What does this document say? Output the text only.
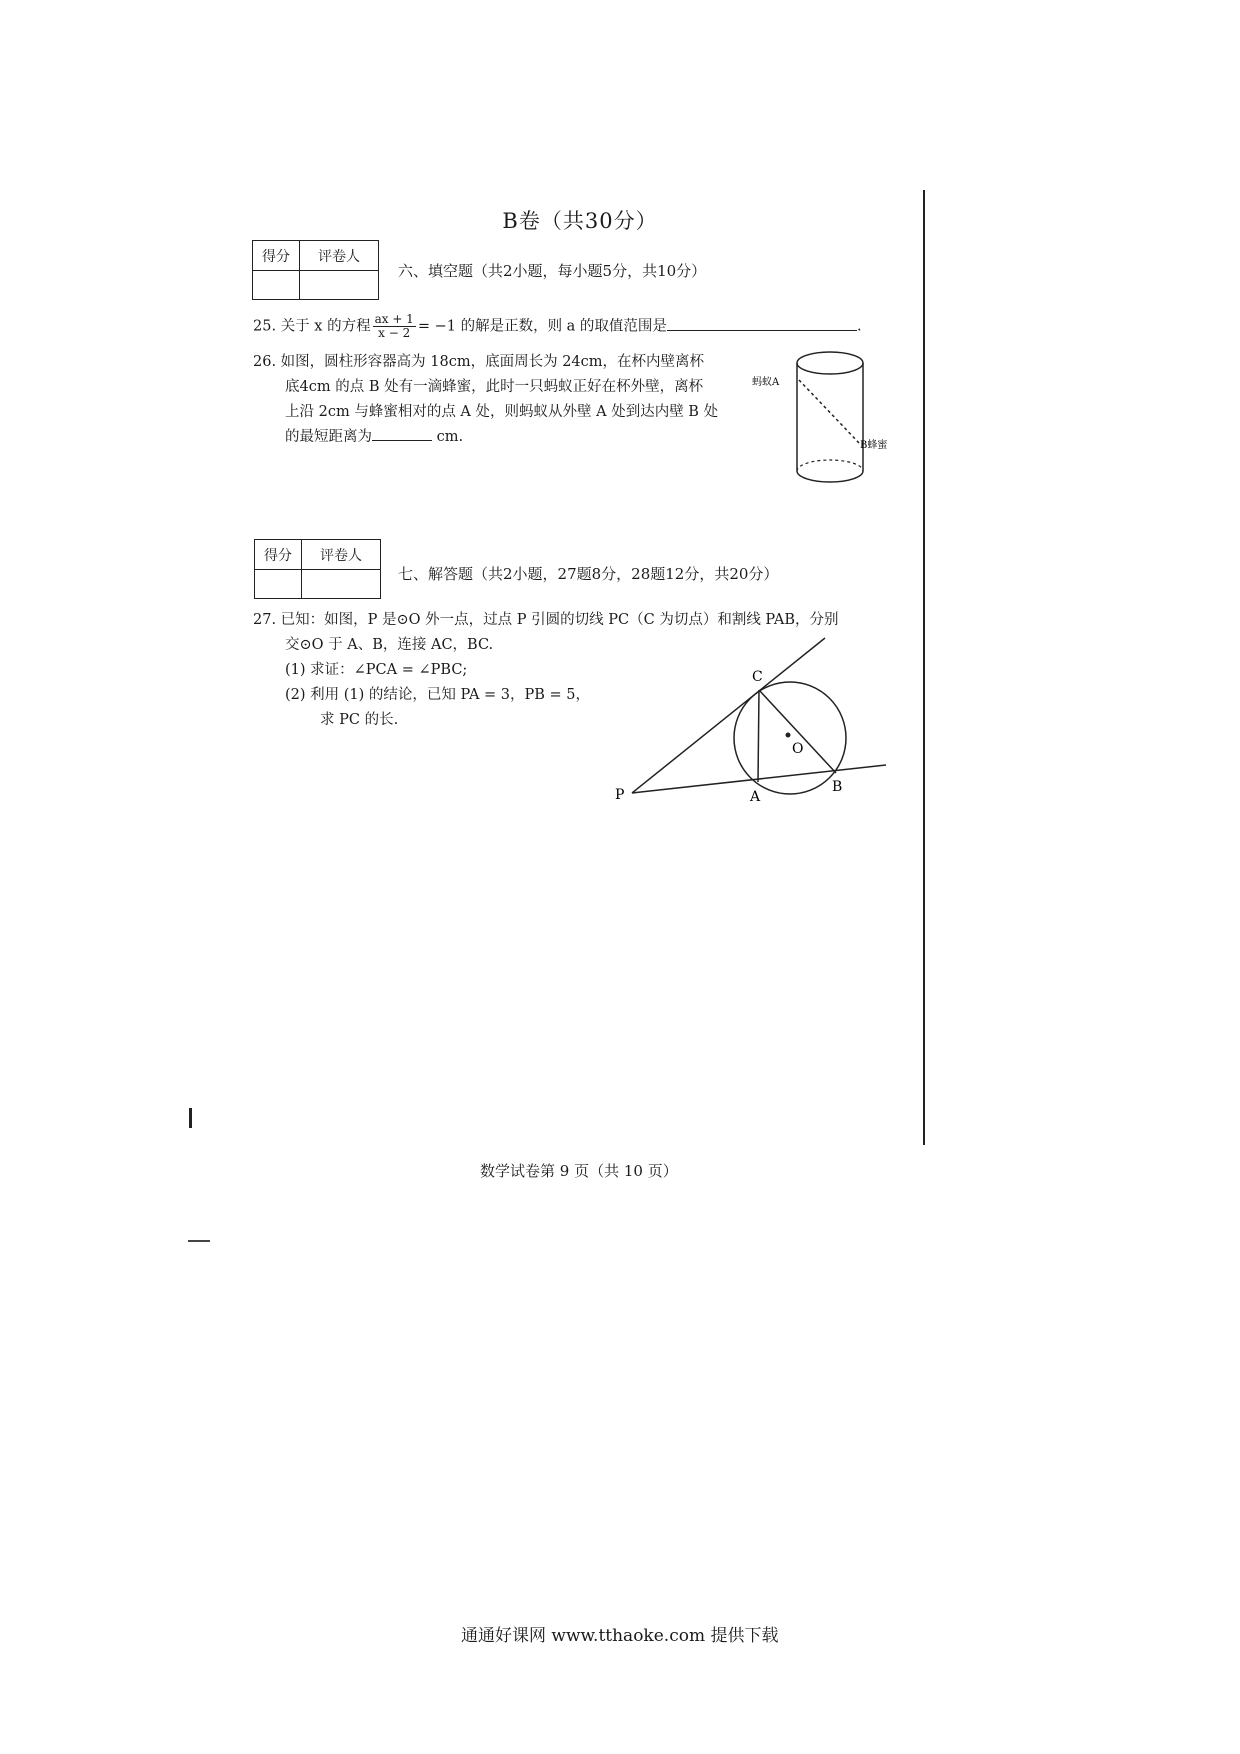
B卷（共30分）
得分	评卷人

六、填空题（共2小题，每小题5分，共10分）
25. 关于 x 的方程 $\frac{ax + 1}{x - 2} = -1$ 的解是正数，则 a 的取值范围是	.
26. 如图，圆柱形容器高为 18cm，底面周长为 24cm，在杯内壁离杯
底4cm 的点 B 处有一滴蜂蜜，此时一只蚂蚁正好在杯外壁，离杯
上沿 2cm 与蜂蜜相对的点 A 处，则蚂蚁从外壁 A 处到达内壁 B 处
的最短距离为	cm.
蚂蚁A
B蜂蜜
得分	评卷人

七、解答题（共2小题，27题8分，28题12分，共20分）
27. 已知：如图，P 是⊙O 外一点，过点 P 引圆的切线 PC（C 为切点）和割线 PAB，分别
交⊙O 于 A、B，连接 AC，BC.
(1) 求证：∠PCA = ∠PBC;
(2) 利用 (1) 的结论，已知 PA = 3，PB = 5，
求 PC 的长.
C
O
P	A
B
数学试卷第 9 页（共 10 页）
通通好课网 www.tthaoke.com 提供下载
